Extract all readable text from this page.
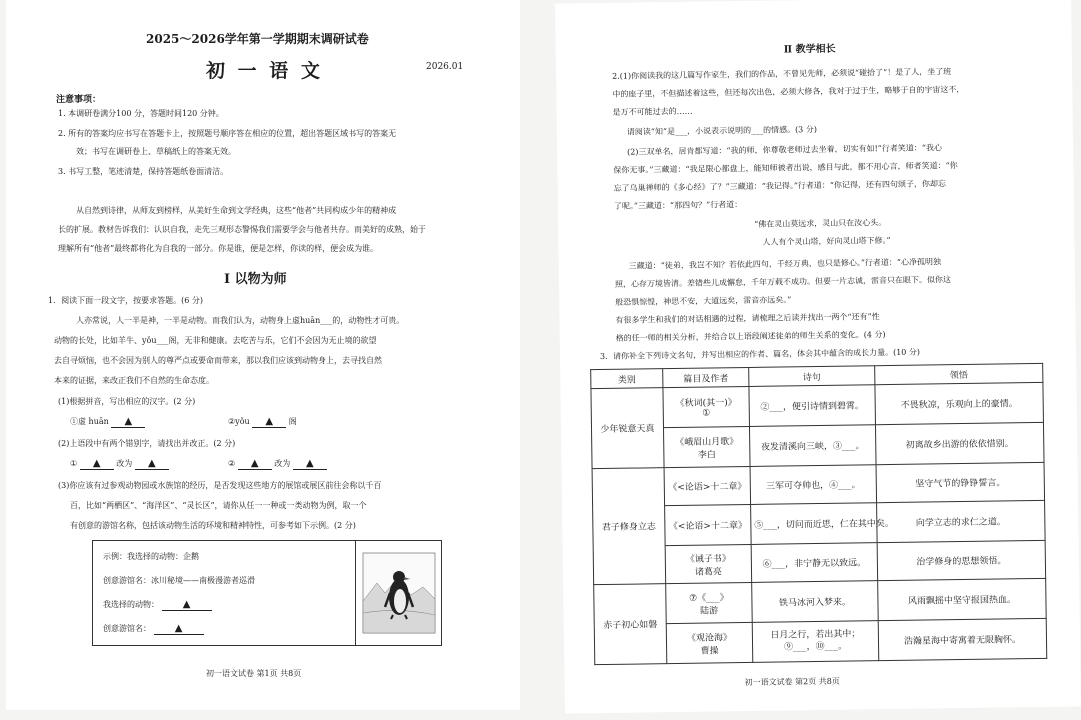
2025～2026学年第一学期期末调研试卷
初 一 语 文	2026.01
注意事项：
1. 本调研卷满分100 分，答题时间120 分钟。
2. 所有的答案均应书写在答题卡上，按照题号顺序答在相应的位置，超出答题区域书写的答案无
效；书写在调研卷上、草稿纸上的答案无效。
3. 书写工整，笔迹清楚，保持答题纸卷面清洁。
从自然到诗律，从师友到榜样，从美好生命到文学经典，这些“他者”共同构成少年的精神成
长的扩展。教材告诉我们：认识自我，走先三观形态警惕我们需要学会与他者共存。而美好的成熟，始于
理解所有“他者”最终都将化为自我的一部分。你是谁，便是怎样，你读的样，便会成为谁。
Ⅰ 以物为师
1．阅读下面一段文字，按要求答题。(6 分)
人亦常说，人一半是神，一半是动物。而我们认为，动物身上虚huān___的，动物性才可贵。
动物的长处，比如羊牛、yǒu___阁，无非和健康。去吃苦与乐，它们不会因为无止境的欲望
去自寻烦恼，也不会因为别人的尊严点或要命而带来，那以我们应该到动物身上，去寻找自然
本来的证据，来改正我们不自然的生命态度。
(1)根据拼音，写出相应的汉字。(2 分)
①虚 huān ▲	②yǒu ▲ 阁
(2)上语段中有两个错别字，请找出并改正。(2 分)
① ▲ 改为 ▲	② ▲ 改为 ▲
(3)你应该有过参观动物园或水族馆的经历，是否发现这些地方的展馆或展区前往会称以千百
百，比如“两栖区”、“海洋区”、“灵长区”，请你从任一一种或一类动物为例，取一个
有创意的游馆名称，包括该动物生活的环境和精神特性，可参考如下示例。(2 分)
示例：我选择的动物：企鹅
创意游馆名：冰川秘境——南极漫游者巡滑
我选择的动物： ▲
创意游馆名： ▲
初一语文试卷 第1页 共8页
Ⅱ 教学相长
2.(1)你阅读我的这几篇写作家生，我们的作品，不曾见先师，必须说“碰拾了”！是了人，坐了班
中的座子里，不但描述着这些，但还每次出色，必须大修各，我对于过于生，略够于自的宇宙这不，
是万不可能过去的……
请阅读“知”是___，小说表示说明的___的情感。(3 分)
(2)三双单名，居肯都写道：“我的师，你尊敬老师过去坐着，切实有如!”行者笑道：“我心
保你无事。”三藏道：“我足限心都盘上，能知师被者出说，感目与此，都不用心言，师者笑道：“你
忘了乌巢禅师的《多心经》了？”三藏道：“我记得。”行者道：“你记得，还有四句颂子，你却忘
了呢。”三藏道：“那四句？”行者道：
“佛在灵山莫远求，灵山只在汝心头。
人人有个灵山塔，好向灵山塔下修。”
三藏道：“徒弟，我岂不知？若依此四句，千经万典，也只是修心。”行者道：“心净孤明独
照，心存万境皆清。差错些儿成懈怠，千年万载不成功。但要一片志诚，雷音只在眼下。似你这
般恐惧惊惶，神思不安，大道远矣，雷音亦远矣。”
有很多学生和我们的对话相遇的过程，请梳理之后读并找出一两个“还有”性
格的任一师的相关分析，并给合以上语段阐述徒弟的师生关系的变化。(4 分)
3．请你补全下列诗文名句，并写出相应的作者、篇名，体会其中蕴含的成长力量。(10 分)
类别	篇目及作者	诗句	领悟
少年锐意天真	《秋词(其一)》
①	②___，便引诗情到碧霄。	不畏秋凉，乐观向上的豪情。

	《峨眉山月歌》
李白	夜发清溪向三峡，③___。	初离故乡出游的依依惜别。
君子修身立志	《<论语>十二章》	三军可夺帅也，④___。	坚守气节的铮铮誓言。
	《<论语>十二章》	⑤___，切问而近思，仁在其中矣。	向学立志的求仁之道。

	《诫子书》
诸葛亮	⑥___，非宁静无以致远。	治学修身的思想领悟。
赤子初心如磐	⑦《___》
陆游	铁马冰河入梦来。	风雨飘摇中坚守报国热血。

	《观沧海》
曹操	日月之行，若出其中；⑨___，⑩___。	浩瀚星海中寄寓着无限胸怀。
初一语文试卷 第2页 共8页
